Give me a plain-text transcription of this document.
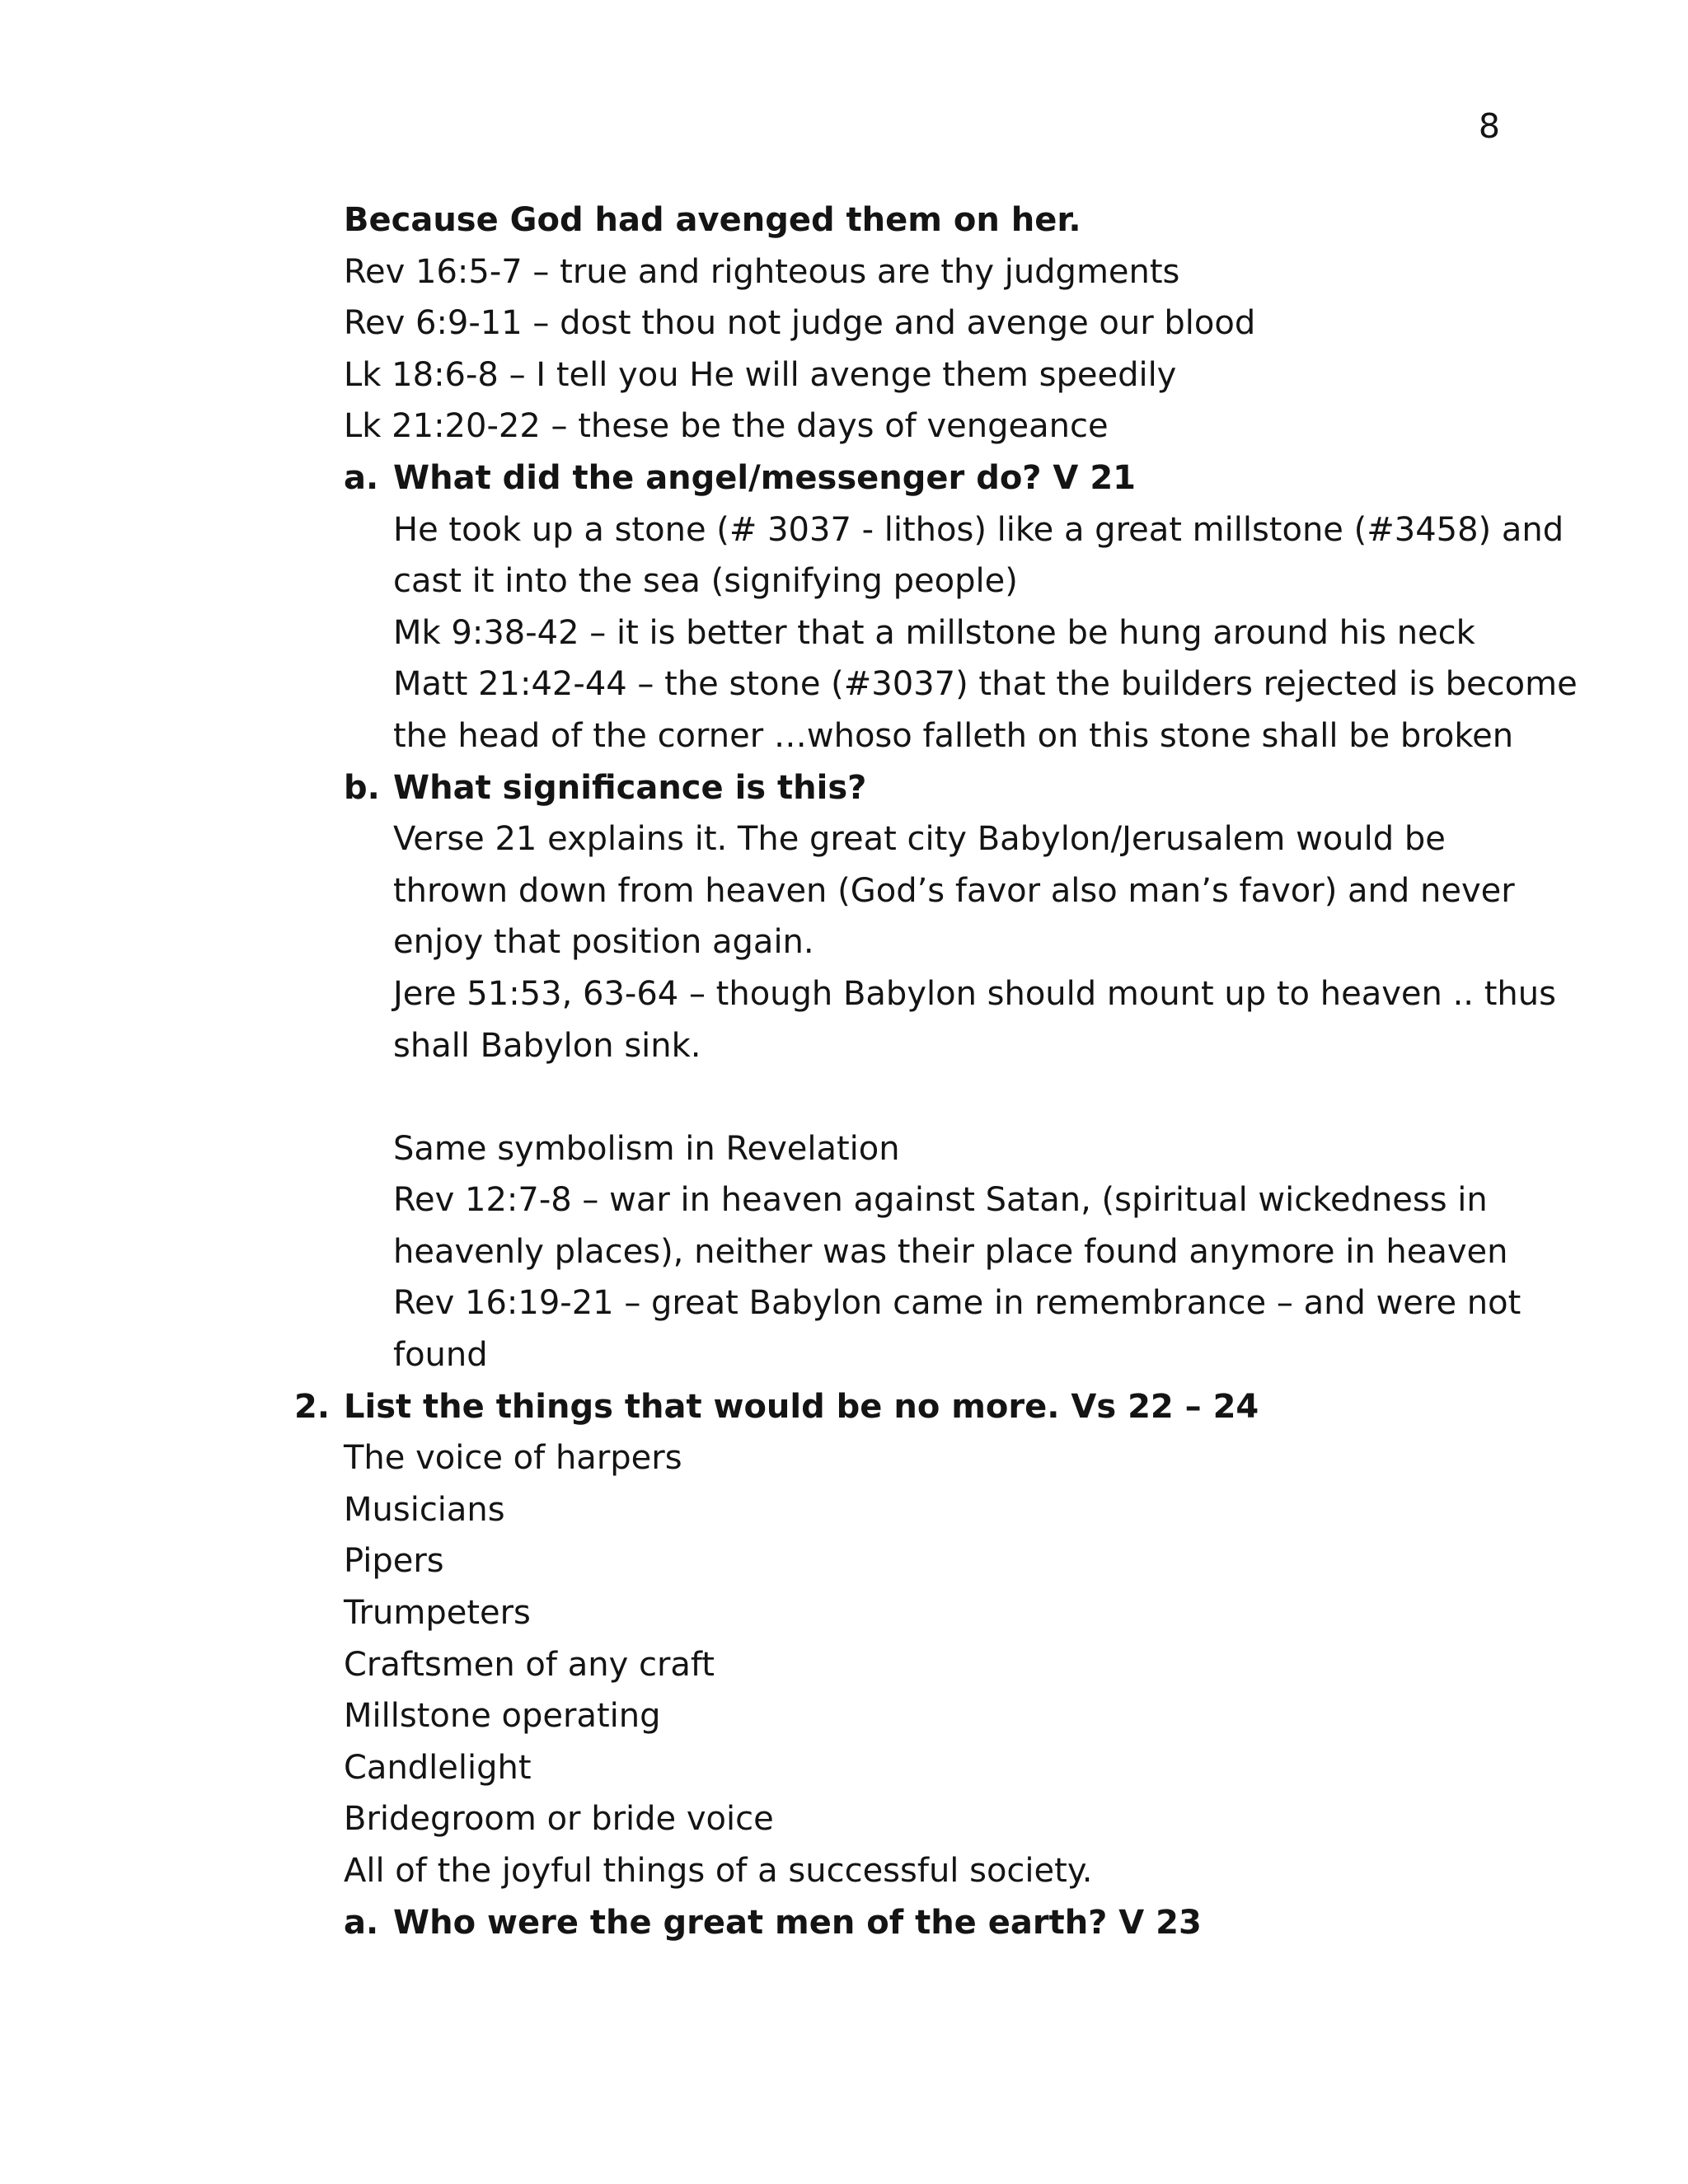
8
Because God had avenged them on her.
Rev 16:5-7 – true and righteous are thy judgments
Rev 6:9-11 – dost thou not judge and avenge our blood
Lk 18:6-8 – I tell you He will avenge them speedily
Lk 21:20-22 – these be the days of vengeance
a. What did the angel/messenger do? V 21
He took up a stone (# 3037 - lithos) like a great millstone (#3458) and
cast it into the sea (signifying people)
Mk 9:38-42 – it is better that a millstone be hung around his neck
Matt 21:42-44 – the stone (#3037) that the builders rejected is become
the head of the corner …whoso falleth on this stone shall be broken
b. What significance is this?
Verse 21 explains it. The great city Babylon/Jerusalem would be
thrown down from heaven (God’s favor also man’s favor) and never
enjoy that position again.
Jere 51:53, 63-64 – though Babylon should mount up to heaven .. thus
shall Babylon sink.
Same symbolism in Revelation
Rev 12:7-8 – war in heaven against Satan, (spiritual wickedness in
heavenly places), neither was their place found anymore in heaven
Rev 16:19-21 – great Babylon came in remembrance – and were not
found
2. List the things that would be no more. Vs 22 – 24
The voice of harpers
Musicians
Pipers
Trumpeters
Craftsmen of any craft
Millstone operating
Candlelight
Bridegroom or bride voice
All of the joyful things of a successful society.
a. Who were the great men of the earth? V 23
